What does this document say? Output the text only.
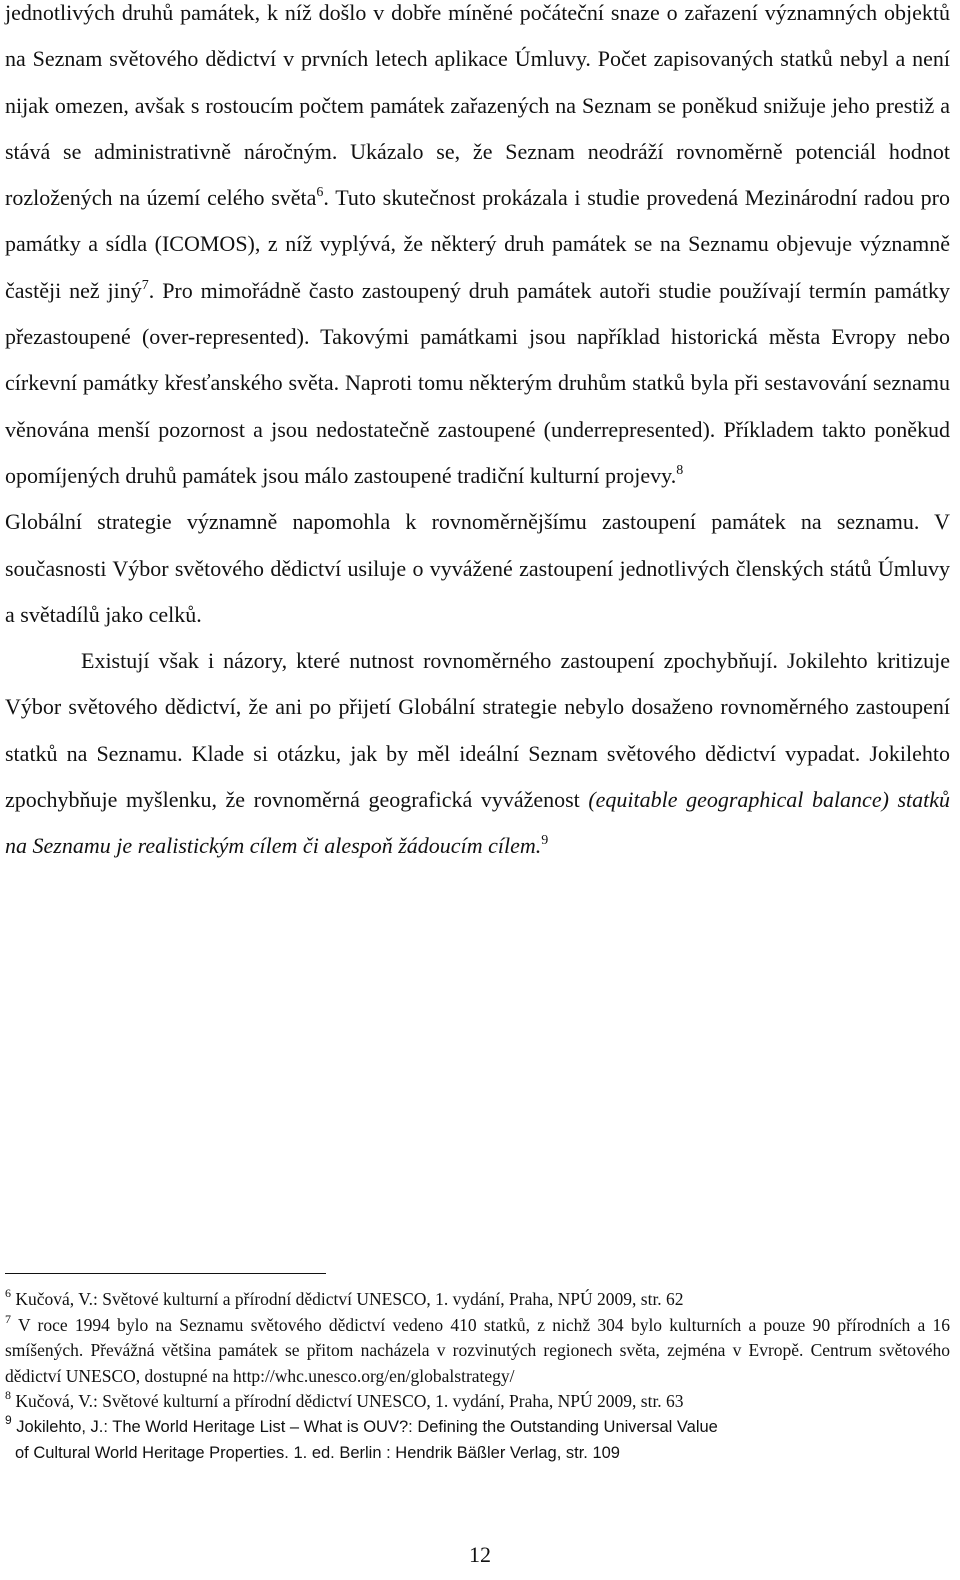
jednotlivých druhů památek, k níž došlo v dobře míněné počáteční snaze o zařazení významných objektů na Seznam světového dědictví v prvních letech aplikace Úmluvy. Počet zapisovaných statků nebyl a není nijak omezen, avšak s rostoucím počtem památek zařazených na Seznam se poněkud snižuje jeho prestiž a stává se administrativně náročným. Ukázalo se, že Seznam neodráží rovnoměrně potenciál hodnot rozložených na území celého světa$^6$. Tuto skutečnost prokázala i studie provedená Mezinárodní radou pro památky a sídla (ICOMOS), z níž vyplývá, že některý druh památek se na Seznamu objevuje významně častěji než jiný$^7$. Pro mimořádně často zastoupený druh památek autoři studie používají termín památky přezastoupené (over-represented). Takovými památkami jsou například historická města Evropy nebo církevní památky křesťanského světa. Naproti tomu některým druhům statků byla při sestavování seznamu věnována menší pozornost a jsou nedostatečně zastoupené (underrepresented). Příkladem takto poněkud opomíjených druhů památek jsou málo zastoupené tradiční kulturní projevy.$^8$

Globální strategie významně napomohla k rovnoměrnějšímu zastoupení památek na seznamu. V současnosti Výbor světového dědictví usiluje o vyvážené zastoupení jednotlivých členských států Úmluvy a světadílů jako celků.

Existují však i názory, které nutnost rovnoměrného zastoupení zpochybňují. Jokilehto kritizuje Výbor světového dědictví, že ani po přijetí Globální strategie nebylo dosaženo rovnoměrného zastoupení statků na Seznamu. Klade si otázku, jak by měl ideální Seznam světového dědictví vypadat. Jokilehto zpochybňuje myšlenku, že rovnoměrná geografická vyváženost (equitable geographical balance) statků na Seznamu je realistickým cílem či alespoň žádoucím cílem.$^9$

$^6$ Kučová, V.: Světové kulturní a přírodní dědictví UNESCO, 1. vydání, Praha, NPÚ 2009, str. 62

$^7$ V roce 1994 bylo na Seznamu světového dědictví vedeno 410 statků, z nichž 304 bylo kulturních a pouze 90 přírodních a 16 smíšených. Převážná většina památek se přitom nacházela v rozvinutých regionech světa, zejména v Evropě. Centrum světového dědictví UNESCO, dostupné na http://whc.unesco.org/en/globalstrategy/

$^8$ Kučová, V.: Světové kulturní a přírodní dědictví UNESCO, 1. vydání, Praha, NPÚ 2009, str. 63

$^9$ Jokilehto, J.: The World Heritage List – What is OUV?: Defining the Outstanding Universal Value

of Cultural World Heritage Properties. 1. ed. Berlin : Hendrik Bäßler Verlag, str. 109

12
